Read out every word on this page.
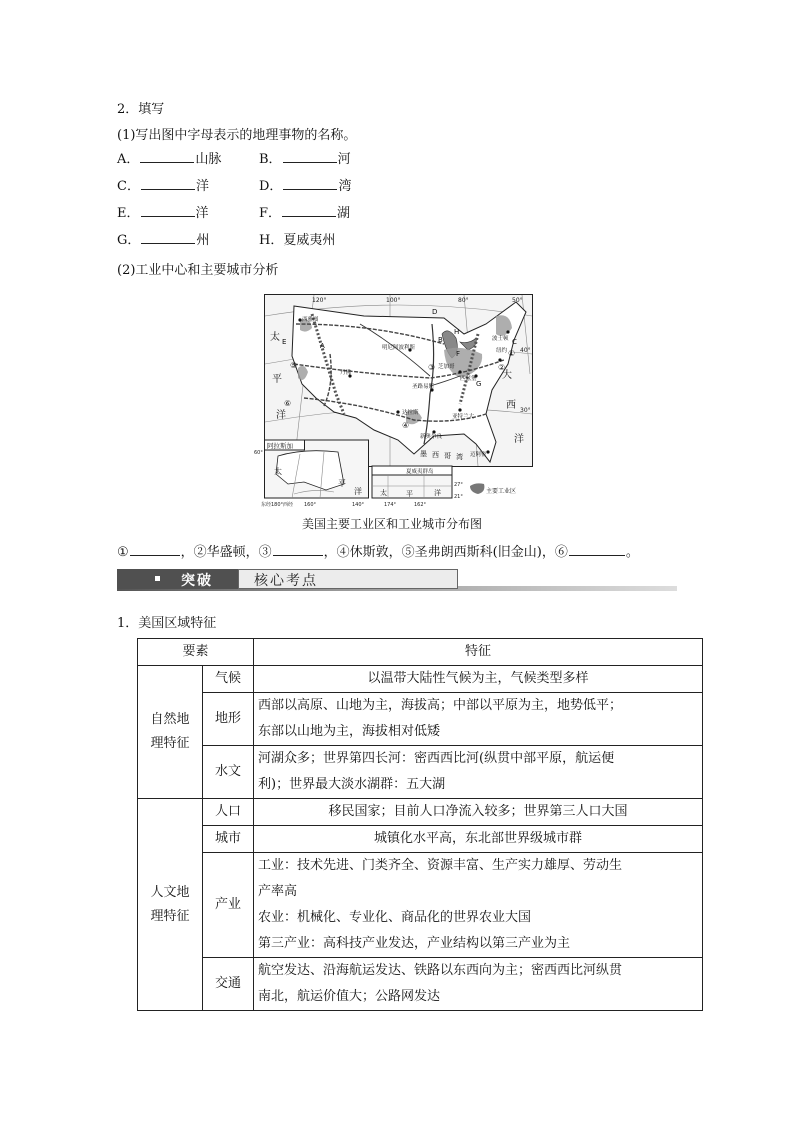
2．填写
(1)写出图中字母表示的地理事物的名称。
A．	山脉	B．	河
C．	洋	D．	湾
E．	洋	F．	湖
G．	州	H．夏威夷州
(2)工业中心和主要城市分析
120°	100°	80°	50°
40°
30°
D
B
H
A
E	C
F
G
太
平
洋
大
西
洋
墨 西 哥 湾
西雅图
明尼阿波利斯
芝加哥
匹兹堡
波士顿
纽约
丹佛
圣路易斯
达拉斯
亚特兰大
新奥尔良
迈阿密
①
②
③
④
⑤
⑥
阿拉斯加
太
平
洋
60°
夏威夷群岛
太	平	洋
27°
21°
东经180°西经 160°	140°	174°	162°
主要工业区
美国主要工业区和工业城市分布图
①	，②华盛顿，③	，④休斯敦，⑤圣弗朗西斯科(旧金山)，⑥	。
突破	核心考点
1．美国区域特征
要素		特征
自然地
理特征	气候	以温带大陆性气候为主，气候类型多样
	地形	西部以高原、山地为主，海拔高；中部以平原为主，地势低平；
东部以山地为主，海拔相对低矮
	水文	河湖众多；世界第四长河：密西西比河(纵贯中部平原，航运便
利)；世界最大淡水湖群：五大湖
人文地
理特征	人口	移民国家；目前人口净流入较多；世界第三人口大国
	城市	城镇化水平高，东北部世界级城市群
	产业	工业：技术先进、门类齐全、资源丰富、生产实力雄厚、劳动生
产率高
农业：机械化、专业化、商品化的世界农业大国
第三产业：高科技产业发达，产业结构以第三产业为主
	交通	航空发达、沿海航运发达、铁路以东西向为主；密西西比河纵贯
南北，航运价值大；公路网发达
